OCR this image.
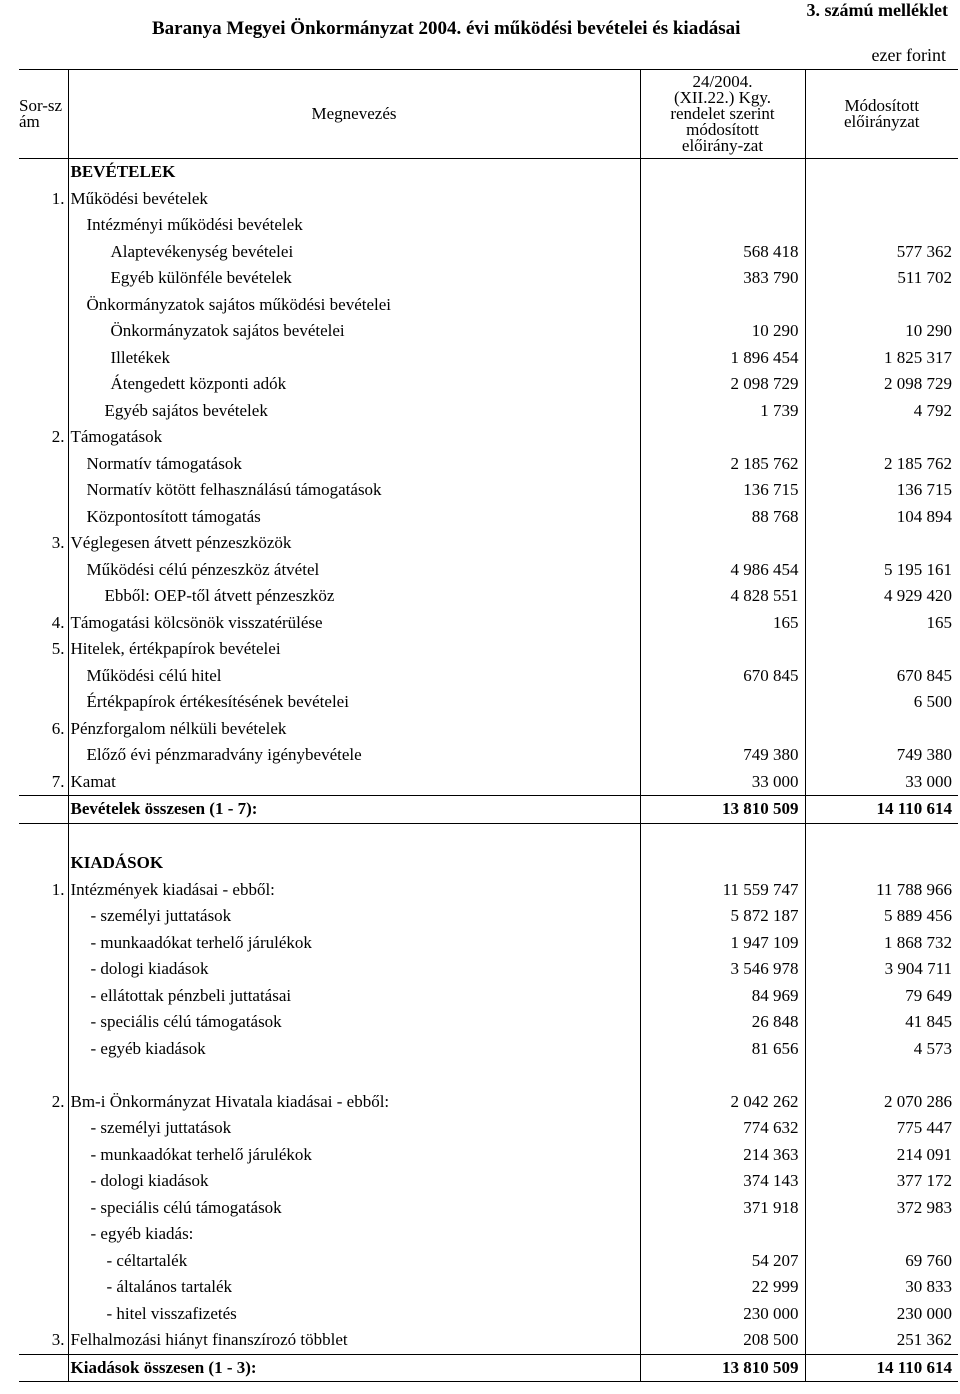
3. számú melléklet
Baranya Megyei Önkormányzat 2004. évi működési bevételei és kiadásai
ezer forint
Sor-szám	Megnevezés	24/2004. (XII.22.) Kgy. rendelet szerint módosított előirány-zat	Módosított előirányzat
	BEVÉTELEK		
1.	Működési bevételek		
	Intézményi működési bevételek		
	Alaptevékenység bevételei	568 418	577 362
	Egyéb különféle bevételek	383 790	511 702
	Önkormányzatok sajátos működési bevételei		
	Önkormányzatok sajátos bevételei	10 290	10 290
	Illetékek	1 896 454	1 825 317
	Átengedett központi adók	2 098 729	2 098 729
	Egyéb sajátos bevételek	1 739	4 792
2.	Támogatások		
	Normatív támogatások	2 185 762	2 185 762
	Normatív kötött felhasználású támogatások	136 715	136 715
	Központosított támogatás	88 768	104 894
3.	Véglegesen átvett pénzeszközök		
	Működési célú pénzeszköz átvétel	4 986 454	5 195 161
	Ebből: OEP-től átvett pénzeszköz	4 828 551	4 929 420
4.	Támogatási kölcsönök visszatérülése	165	165
5.	Hitelek, értékpapírok bevételei		
	Működési célú hitel	670 845	670 845
	Értékpapírok értékesítésének bevételei		6 500
6.	Pénzforgalom nélküli bevételek		
	Előző évi pénzmaradvány igénybevétele	749 380	749 380
7.	Kamat	33 000	33 000
	Bevételek összesen (1 - 7):	13 810 509	14 110 614

	KIADÁSOK		
1.	Intézmények kiadásai - ebből:	11 559 747	11 788 966
	- személyi juttatások	5 872 187	5 889 456
	- munkaadókat terhelő járulékok	1 947 109	1 868 732
	- dologi kiadások	3 546 978	3 904 711
	- ellátottak pénzbeli juttatásai	84 969	79 649
	- speciális célú támogatások	26 848	41 845
	- egyéb kiadások	81 656	4 573

2.	Bm-i Önkormányzat Hivatala kiadásai - ebből:	2 042 262	2 070 286
	- személyi juttatások	774 632	775 447
	- munkaadókat terhelő járulékok	214 363	214 091
	- dologi kiadások	374 143	377 172
	- speciális célú támogatások	371 918	372 983
	- egyéb kiadás:		
	- céltartalék	54 207	69 760
	- általános tartalék	22 999	30 833
	- hitel visszafizetés	230 000	230 000
3.	Felhalmozási hiányt finanszírozó többlet	208 500	251 362
	Kiadások összesen (1 - 3):	13 810 509	14 110 614
